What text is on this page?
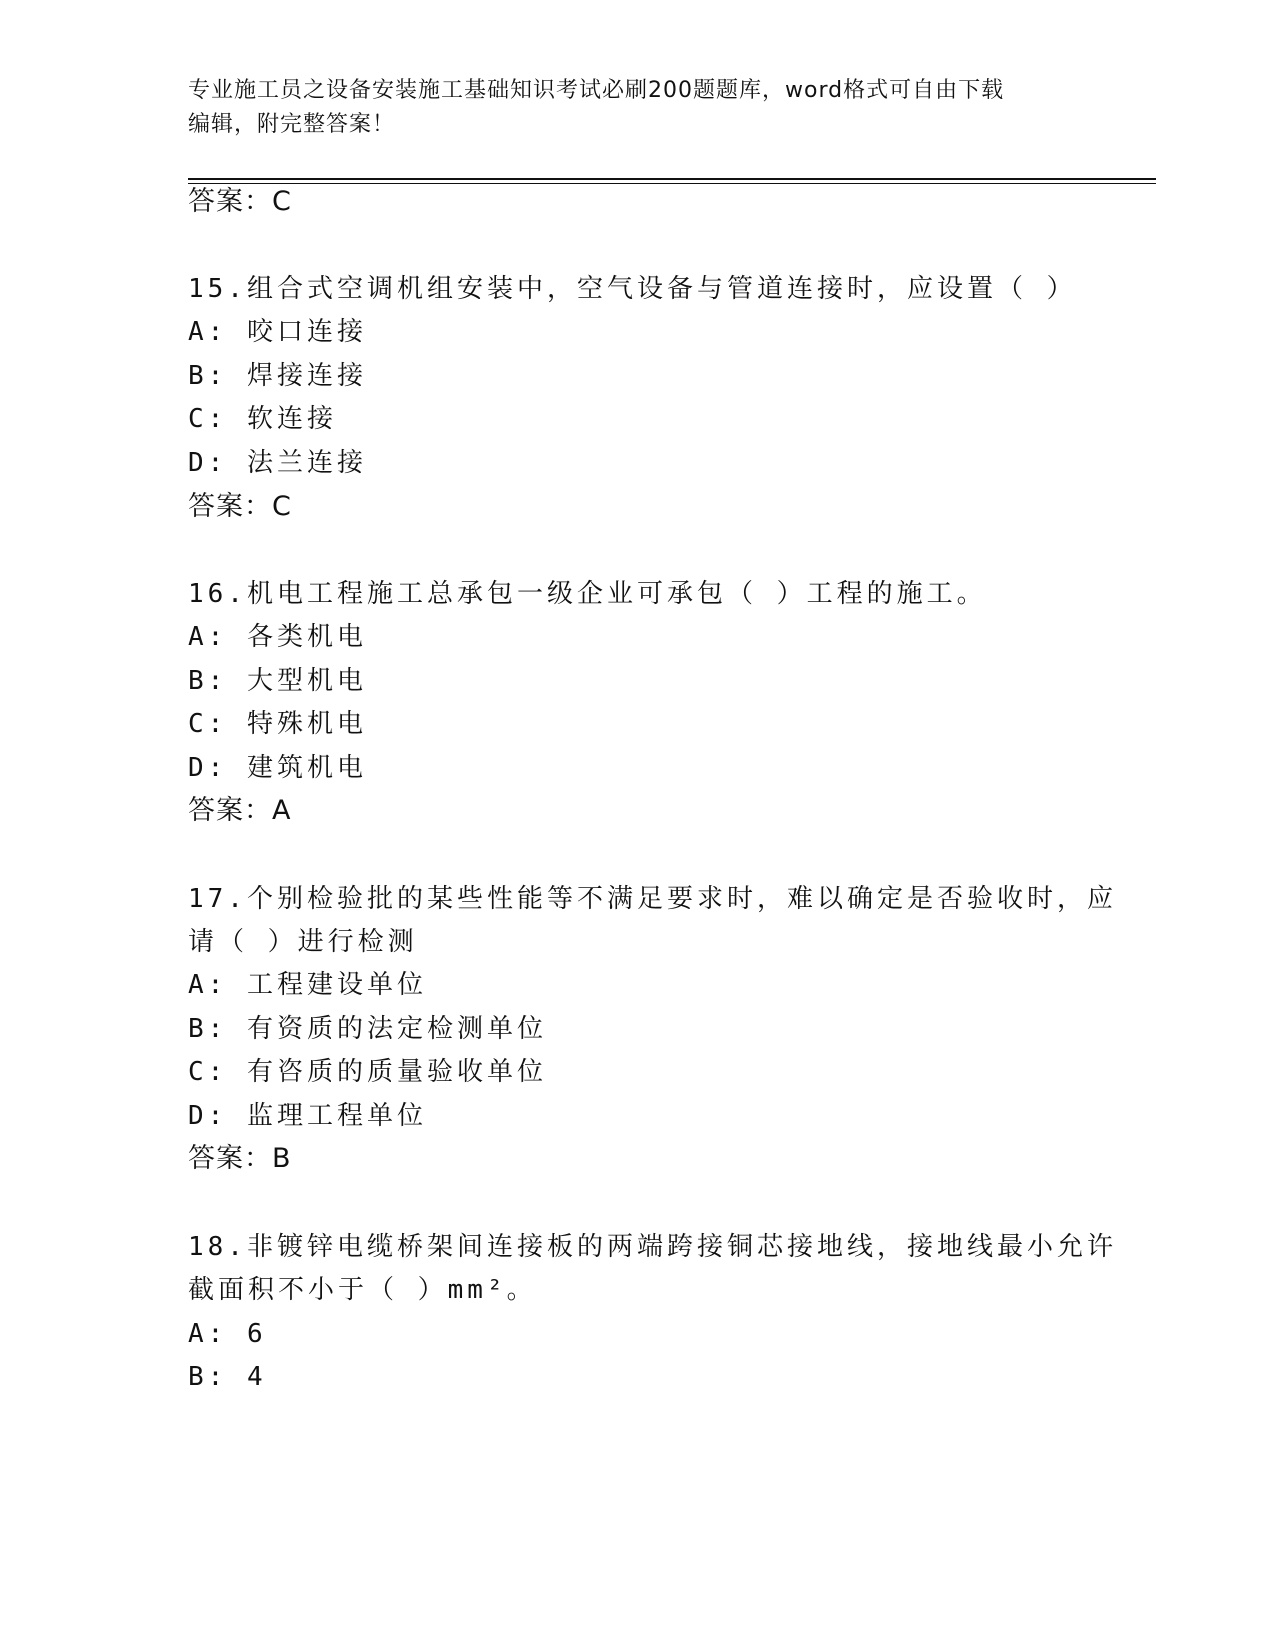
专业施工员之设备安装施工基础知识考试必刷200题题库，word格式可自由下载
编辑，附完整答案！
答案：C
15.组合式空调机组安装中，空气设备与管道连接时，应设置（ ）
A: 咬口连接
B: 焊接连接
C: 软连接
D: 法兰连接
答案：C
16.机电工程施工总承包一级企业可承包（ ）工程的施工。
A: 各类机电
B: 大型机电
C: 特殊机电
D: 建筑机电
答案：A
17.个别检验批的某些性能等不满足要求时，难以确定是否验收时，应
请（ ）进行检测
A: 工程建设单位
B: 有资质的法定检测单位
C: 有咨质的质量验收单位
D: 监理工程单位
答案：B
18.非镀锌电缆桥架间连接板的两端跨接铜芯接地线，接地线最小允许
截面积不小于（ ）mm²。
A: 6
B: 4
